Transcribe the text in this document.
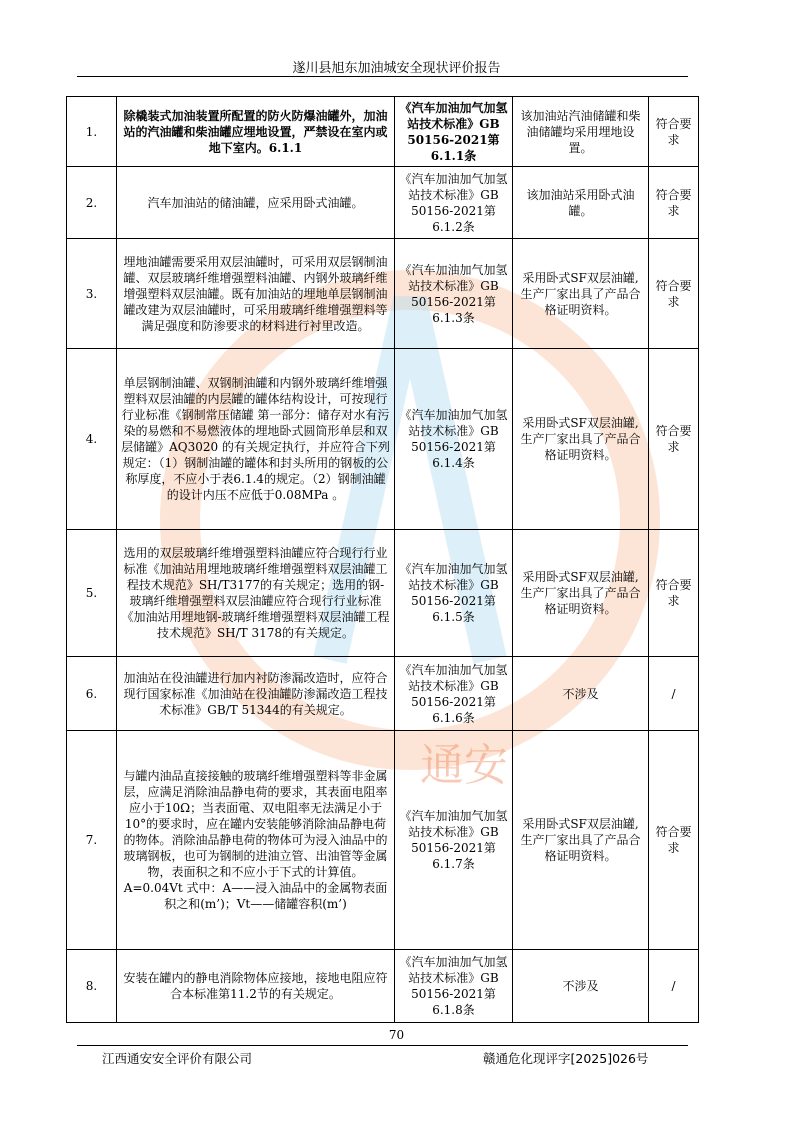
通安
遂川县旭东加油城安全现状评价报告
1.	除橇装式加油装置所配置的防火防爆油罐外，加油站的汽油罐和柴油罐应埋地设置，严禁设在室内或地下室内。6.1.1	《汽车加油加气加氢站技术标准》GB 50156-2021第6.1.1条	该加油站汽油储罐和柴油储罐均采用埋地设置。	符合要求
2.	汽车加油站的储油罐，应采用卧式油罐。	《汽车加油加气加氢站技术标准》GB 50156-2021第6.1.2条	该加油站采用卧式油罐。	符合要求
3.	埋地油罐需要采用双层油罐时，可采用双层钢制油罐、双层玻璃纤维增强塑料油罐、内钢外玻璃纤维增强塑料双层油罐。既有加油站的埋地单层钢制油罐改建为双层油罐时，可采用玻璃纤维增强塑料等满足强度和防渗要求的材料进行衬里改造。	《汽车加油加气加氢站技术标准》GB 50156-2021第6.1.3条	采用卧式SF双层油罐,生产厂家出具了产品合格证明资料。	符合要求
4.	单层钢制油罐、双钢制油罐和内钢外玻璃纤维增强塑料双层油罐的内层罐的罐体结构设计，可按现行行业标准《钢制常压储罐 第一部分：储存对水有污染的易燃和不易燃液体的埋地卧式圆筒形单层和双层储罐》AQ3020 的有关规定执行，并应符合下列规定：（1）钢制油罐的罐体和封头所用的钢板的公称厚度，不应小于表6.1.4的规定。（2）钢制油罐的设计内压不应低于0.08MPa 。	《汽车加油加气加氢站技术标准》GB 50156-2021第6.1.4条	采用卧式SF双层油罐,生产厂家出具了产品合格证明资料。	符合要求
5.	选用的双层玻璃纤维增强塑料油罐应符合现行行业标准《加油站用埋地玻璃纤维增强塑料双层油罐工程技术规范》SH/T3177的有关规定；选用的钢-玻璃纤维增强塑料双层油罐应符合现行行业标准《加油站用埋地钢-玻璃纤维增强塑料双层油罐工程技术规范》SH/T 3178的有关规定。	《汽车加油加气加氢站技术标准》GB 50156-2021第6.1.5条	采用卧式SF双层油罐,生产厂家出具了产品合格证明资料。	符合要求
6.	加油站在役油罐进行加内衬防渗漏改造时，应符合现行国家标准《加油站在役油罐防渗漏改造工程技术标准》GB/T 51344的有关规定。	《汽车加油加气加氢站技术标准》GB 50156-2021第6.1.6条	不涉及	/
7.	与罐内油品直接接触的玻璃纤维增强塑料等非金属层，应满足消除油品静电荷的要求，其表面电阻率应小于10Ω；当表面電、双电阻率无法满足小于10°的要求时，应在罐内安装能够消除油品静电荷的物体。消除油品静电荷的物体可为浸入油品中的玻璃钢板，也可为钢制的进油立管、出油管等金属物，表面积之和不应小于下式的计算值。A=0.04Vt 式中：A——浸入油品中的金属物表面积之和(m’)；Vt——储罐容积(m’)	《汽车加油加气加氢站技术标准》GB 50156-2021第6.1.7条	采用卧式SF双层油罐,生产厂家出具了产品合格证明资料。	符合要求
8.	安装在罐内的静电消除物体应接地，接地电阻应符合本标准第11.2节的有关规定。	《汽车加油加气加氢站技术标准》GB 50156-2021第6.1.8条	不涉及	/
70
江西通安安全评价有限公司	赣通危化现评字[2025]026号
